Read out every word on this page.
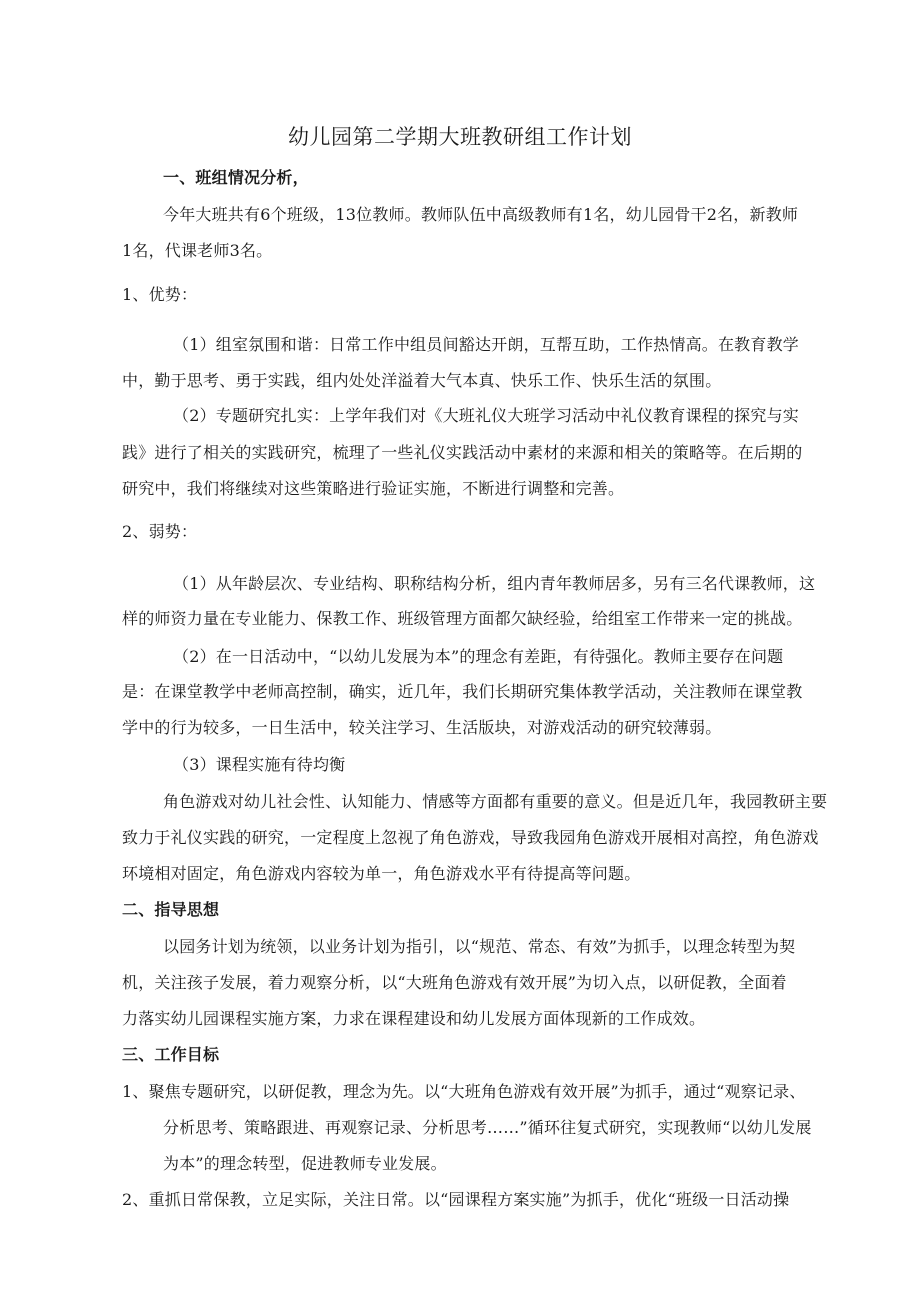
幼儿园第二学期大班教研组工作计划
一、班组情况分析，
今年大班共有6个班级，13位教师。教师队伍中高级教师有1名，幼儿园骨干2名，新教师
1名，代课老师3名。
1、优势：
（1）组室氛围和谐：日常工作中组员间豁达开朗，互帮互助，工作热情高。在教育教学
中，勤于思考、勇于实践，组内处处洋溢着大气本真、快乐工作、快乐生活的氛围。
（2）专题研究扎实：上学年我们对《大班礼仪大班学习活动中礼仪教育课程的探究与实
践》进行了相关的实践研究，梳理了一些礼仪实践活动中素材的来源和相关的策略等。在后期的
研究中，我们将继续对这些策略进行验证实施，不断进行调整和完善。
2、弱势：
（1）从年龄层次、专业结构、职称结构分析，组内青年教师居多，另有三名代课教师，这
样的师资力量在专业能力、保教工作、班级管理方面都欠缺经验，给组室工作带来一定的挑战。
（2）在一日活动中，“以幼儿发展为本”的理念有差距，有待强化。教师主要存在问题
是：在课堂教学中老师高控制，确实，近几年，我们长期研究集体教学活动，关注教师在课堂教
学中的行为较多，一日生活中，较关注学习、生活版块，对游戏活动的研究较薄弱。
（3）课程实施有待均衡
角色游戏对幼儿社会性、认知能力、情感等方面都有重要的意义。但是近几年，我园教研主要
致力于礼仪实践的研究，一定程度上忽视了角色游戏，导致我园角色游戏开展相对高控，角色游戏
环境相对固定，角色游戏内容较为单一，角色游戏水平有待提高等问题。
二、指导思想
以园务计划为统领，以业务计划为指引，以“规范、常态、有效”为抓手，以理念转型为契
机，关注孩子发展，着力观察分析，以“大班角色游戏有效开展”为切入点，以研促教，全面着
力落实幼儿园课程实施方案，力求在课程建设和幼儿发展方面体现新的工作成效。
三、工作目标
1、聚焦专题研究，以研促教，理念为先。以“大班角色游戏有效开展”为抓手，通过“观察记录、
分析思考、策略跟进、再观察记录、分析思考……”循环往复式研究，实现教师“以幼儿发展
为本”的理念转型，促进教师专业发展。
2、重抓日常保教，立足实际，关注日常。以“园课程方案实施”为抓手，优化“班级一日活动操
